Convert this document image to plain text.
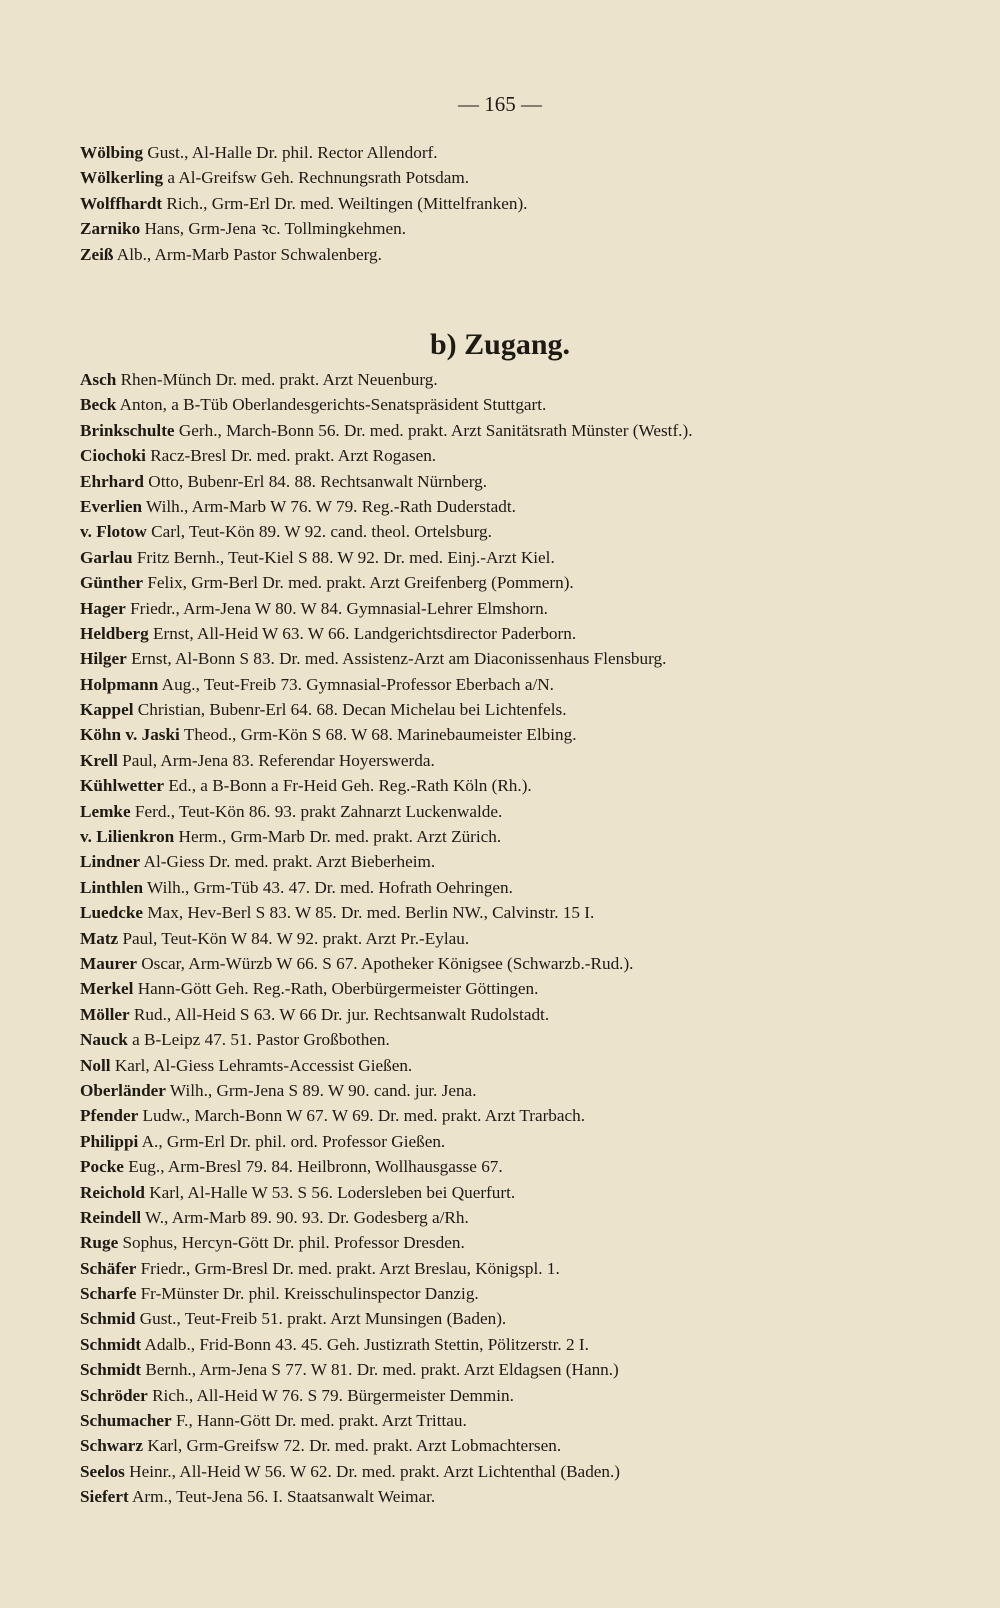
— 165 —
Wölbing Gust., Al-Halle Dr. phil. Rector Allendorf.
Wölkerling a Al-Greifsw Geh. Rechnungsrath Potsdam.
Wolffhardt Rich., Grm-Erl Dr. med. Weiltingen (Mittelfranken).
Zarniko Hans, Grm-Jena ꝛc. Tollmingkehmen.
Zeiß Alb., Arm-Marb Pastor Schwalenberg.
b) Zugang.
Asch Rhen-Münch Dr. med. prakt. Arzt Neuenburg.
Beck Anton, a B-Tüb Oberlandesgerichts-Senatspräsident Stuttgart.
Brinkschulte Gerh., March-Bonn 56. Dr. med. prakt. Arzt Sanitätsrath Münster (Westf.).
Ciochoki Racz-Bresl Dr. med. prakt. Arzt Rogasen.
Ehrhard Otto, Bubenr-Erl 84. 88. Rechtsanwalt Nürnberg.
Everlien Wilh., Arm-Marb W 76. W 79. Reg.-Rath Duderstadt.
v. Flotow Carl, Teut-Kön 89. W 92. cand. theol. Ortelsburg.
Garlau Fritz Bernh., Teut-Kiel S 88. W 92. Dr. med. Einj.-Arzt Kiel.
Günther Felix, Grm-Berl Dr. med. prakt. Arzt Greifenberg (Pommern).
Hager Friedr., Arm-Jena W 80. W 84. Gymnasial-Lehrer Elmshorn.
Heldberg Ernst, All-Heid W 63. W 66. Landgerichtsdirector Paderborn.
Hilger Ernst, Al-Bonn S 83. Dr. med. Assistenz-Arzt am Diaconissenhaus Flensburg.
Holpmann Aug., Teut-Freib 73. Gymnasial-Professor Eberbach a/N.
Kappel Christian, Bubenr-Erl 64. 68. Decan Michelau bei Lichtenfels.
Köhn v. Jaski Theod., Grm-Kön S 68. W 68. Marinebaumeister Elbing.
Krell Paul, Arm-Jena 83. Referendar Hoyerswerda.
Kühlwetter Ed., a B-Bonn a Fr-Heid Geh. Reg.-Rath Köln (Rh.).
Lemke Ferd., Teut-Kön 86. 93. prakt Zahnarzt Luckenwalde.
v. Lilienkron Herm., Grm-Marb Dr. med. prakt. Arzt Zürich.
Lindner Al-Giess Dr. med. prakt. Arzt Bieberheim.
Linthlen Wilh., Grm-Tüb 43. 47. Dr. med. Hofrath Oehringen.
Luedcke Max, Hev-Berl S 83. W 85. Dr. med. Berlin NW., Calvinstr. 15 I.
Matz Paul, Teut-Kön W 84. W 92. prakt. Arzt Pr.-Eylau.
Maurer Oscar, Arm-Würzb W 66. S 67. Apotheker Königsee (Schwarzb.-Rud.).
Merkel Hann-Gött Geh. Reg.-Rath, Oberbürgermeister Göttingen.
Möller Rud., All-Heid S 63. W 66 Dr. jur. Rechtsanwalt Rudolstadt.
Nauck a B-Leipz 47. 51. Pastor Großbothen.
Noll Karl, Al-Giess Lehramts-Accessist Gießen.
Oberländer Wilh., Grm-Jena S 89. W 90. cand. jur. Jena.
Pfender Ludw., March-Bonn W 67. W 69. Dr. med. prakt. Arzt Trarbach.
Philippi A., Grm-Erl Dr. phil. ord. Professor Gießen.
Pocke Eug., Arm-Bresl 79. 84. Heilbronn, Wollhausgasse 67.
Reichold Karl, Al-Halle W 53. S 56. Lodersleben bei Querfurt.
Reindell W., Arm-Marb 89. 90. 93. Dr. Godesberg a/Rh.
Ruge Sophus, Hercyn-Gött Dr. phil. Professor Dresden.
Schäfer Friedr., Grm-Bresl Dr. med. prakt. Arzt Breslau, Königspl. 1.
Scharfe Fr-Münster Dr. phil. Kreisschulinspector Danzig.
Schmid Gust., Teut-Freib 51. prakt. Arzt Munsingen (Baden).
Schmidt Adalb., Frid-Bonn 43. 45. Geh. Justizrath Stettin, Pölitzerstr. 2 I.
Schmidt Bernh., Arm-Jena S 77. W 81. Dr. med. prakt. Arzt Eldagsen (Hann.)
Schröder Rich., All-Heid W 76. S 79. Bürgermeister Demmin.
Schumacher F., Hann-Gött Dr. med. prakt. Arzt Trittau.
Schwarz Karl, Grm-Greifsw 72. Dr. med. prakt. Arzt Lobmachtersen.
Seelos Heinr., All-Heid W 56. W 62. Dr. med. prakt. Arzt Lichtenthal (Baden.)
Siefert Arm., Teut-Jena 56. I. Staatsanwalt Weimar.
